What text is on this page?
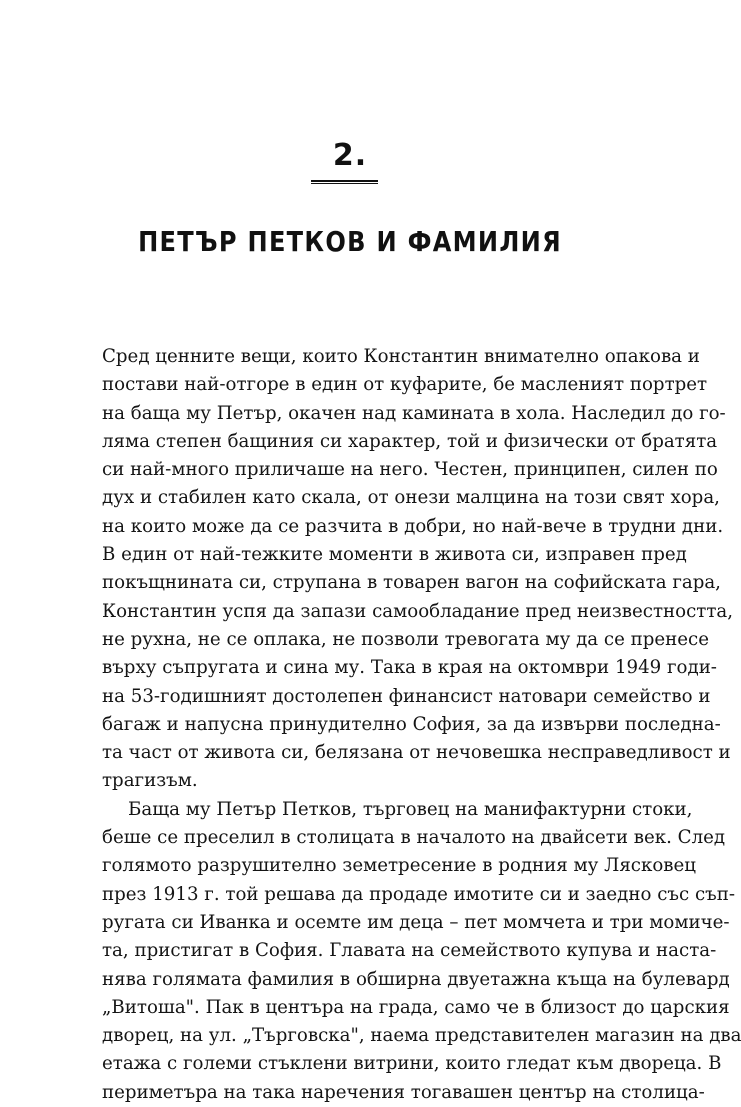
2.
ПЕТЪР ПЕТКОВ И ФАМИЛИЯ
Сред ценните вещи, които Константин внимателно опакова и
постави най-отгоре в един от куфарите, бе масленият портрет
на баща му Петър, окачен над камината в хола. Наследил до го-
ляма степен бащиния си характер, той и физически от братята
си най-много приличаше на него. Честен, принципен, силен по
дух и стабилен като скала, от онези малцина на този свят хора,
на които може да се разчита в добри, но най-вече в трудни дни.
В един от най-тежките моменти в живота си, изправен пред
покъщнината си, струпана в товарен вагон на софийската гара,
Константин успя да запази самообладание пред неизвестността,
не рухна, не се оплака, не позволи тревогата му да се пренесе
върху съпругата и сина му. Така в края на октомври 1949 годи-
на 53-годишният достолепен финансист натовари семейство и
багаж и напусна принудително София, за да извърви последна-
та част от живота си, белязана от нечовешка несправедливост и
трагизъм.
Баща му Петър Петков, търговец на манифактурни стоки,
беше се преселил в столицата в началото на двайсети век. След
голямото разрушително земетресение в родния му Лясковец
през 1913 г. той решава да продаде имотите си и заедно със съп-
ругата си Иванка и осемте им деца – пет момчета и три момиче-
та, пристигат в София. Главата на семейството купува и наста-
нява голямата фамилия в обширна двуетажна къща на булевард
„Витоша". Пак в центъра на града, само че в близост до царския
дворец, на ул. „Търговска", наема представителен магазин на два
етажа с големи стъклени витрини, които гледат към двореца. В
периметъра на така наречения тогавашен център на столица-
